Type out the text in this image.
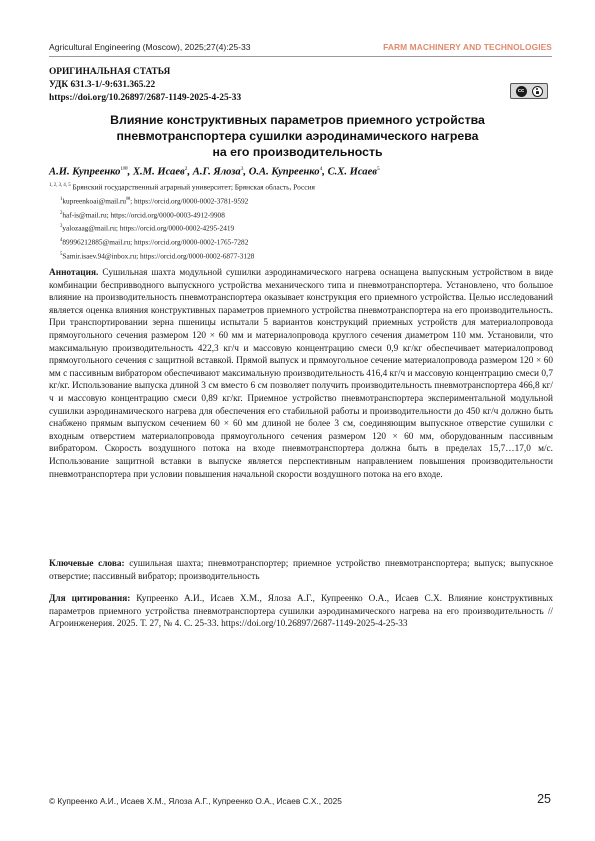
Agricultural Engineering (Moscow), 2025;27(4):25-33	FARM MACHINERY AND TECHNOLOGIES
ОРИГИНАЛЬНАЯ СТАТЬЯ
УДК 631.3-1/-9:631.365.22
https://doi.org/10.26897/2687-1149-2025-4-25-33
cc
Влияние конструктивных параметров приемного устройства
пневмотранспортера сушилки аэродинамического нагрева
на его производительность
А.И. Купреенко$^{1✉}$, Х.М. Исаев$^2$, А.Г. Ялоза$^3$, О.А. Купреенко$^4$, С.Х. Исаев$^5$
$^{1, 2, 3, 4, 5}$ Брянский государственный аграрный университет; Брянская область, Россия
$^1$kupreenkoai@mail.ru✉; https://orcid.org/0000-0002-3781-9592
$^2$haf-is@mail.ru; https://orcid.org/0000-0003-4912-9908
$^3$yalozaag@mail.ru; https://orcid.org/0000-0002-4295-2419
$^4$89996212885@mail.ru; https://orcid.org/0000-0002-1765-7282
$^5$Samir.isaev.94@inbox.ru; https://orcid.org/0000-0002-6877-3128
Аннотация. Сушильная шахта модульной сушилки аэродинамического нагрева оснащена выпускным устройством в виде комбинации беспривводного выпускного устройства механического типа и пневмотранспортера. Установлено, что большое влияние на производительность пневмотранспортера оказывает конструкция его приемного устройства. Целью исследований является оценка влияния конструктивных параметров приемного устройства пневмотранспортера на его производительность. При транспортировании зерна пшеницы испытали 5 вариантов конструкций приемных устройств для материалопровода прямоугольного сечения размером 120 × 60 мм и материалопровода круглого сечения диаметром 110 мм. Установили, что максимальную производительность 422,3 кг/ч и массовую концентрацию смеси 0,9 кг/кг обеспечивает материалопровод прямоугольного сечения с защитной вставкой. Прямой выпуск и прямоугольное сечение материалопровода размером 120 × 60 мм с пассивным вибратором обеспечивают максимальную производительность 416,4 кг/ч и массовую концентрацию смеси 0,7 кг/кг. Использование выпуска длиной 3 см вместо 6 см позволяет получить производительность пневмотранспортера 466,8 кг/ч и массовую концентрацию смеси 0,89 кг/кг. Приемное устройство пневмотранспортера экспериментальной модульной сушилки аэродинамического нагрева для обеспечения его стабильной работы и производительности до 450 кг/ч должно быть снабжено прямым выпуском сечением 60 × 60 мм длиной не более 3 см, соединяющим выпускное отверстие сушилки с входным отверстием материалопровода прямоугольного сечения размером 120 × 60 мм, оборудованным пассивным вибратором. Скорость воздушного потока на входе пневмотранспортера должна быть в пределах 15,7…17,0 м/с. Использование защитной вставки в выпуске является перспективным направлением повышения производительности пневмотранспортера при условии повышения начальной скорости воздушного потока на его входе.
Ключевые слова: сушильная шахта; пневмотранспортер; приемное устройство пневмотранспортера; выпуск; выпускное отверстие; пассивный вибратор; производительность
Для цитирования: Купреенко А.И., Исаев Х.М., Ялоза А.Г., Купреенко О.А., Исаев С.Х. Влияние конструктивных параметров приемного устройства пневмотранспортера сушилки аэродинамического нагрева на его производительность // Агроинженерия. 2025. Т. 27, № 4. С. 25-33. https://doi.org/10.26897/2687-1149-2025-4-25-33
© Купреенко А.И., Исаев Х.М., Ялоза А.Г., Купреенко О.А., Исаев С.Х., 2025	25
